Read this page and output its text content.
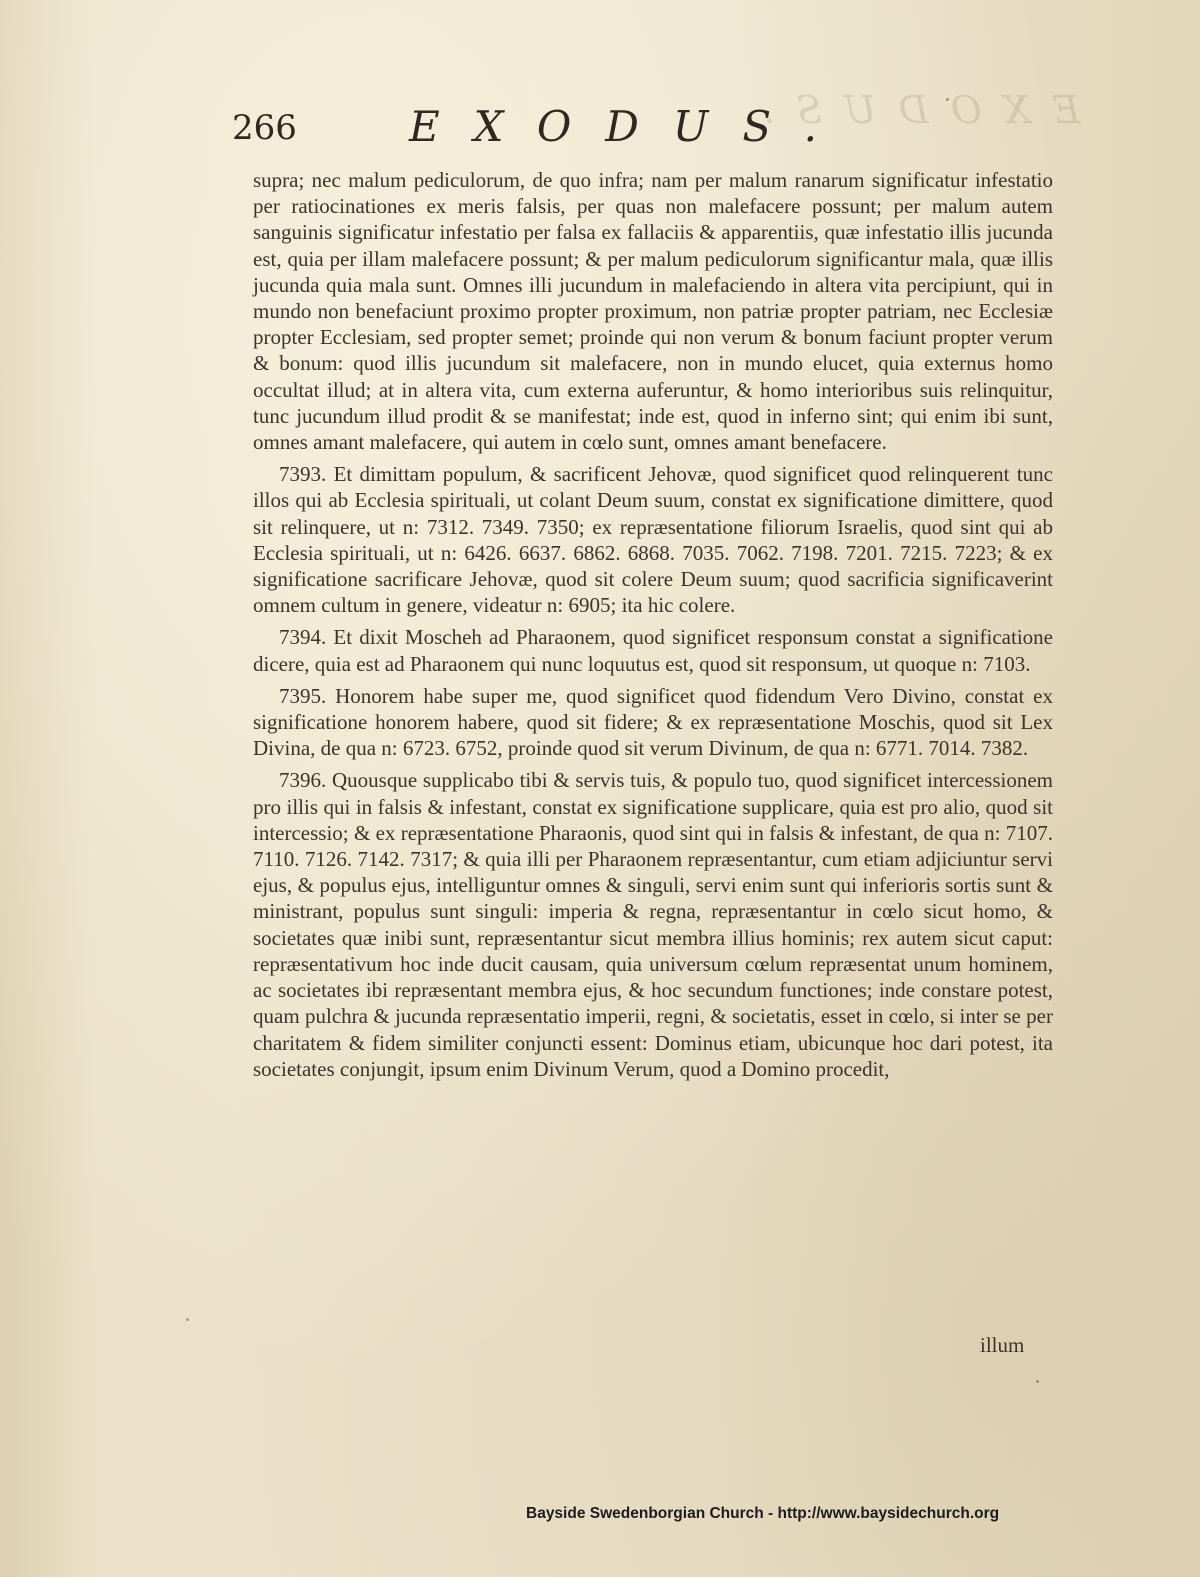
EXODUS.
266	EXODUS.

supra; nec malum pediculorum, de quo infra; nam per malum ranarum significatur infestatio per ratiocinationes ex meris falsis, per quas non malefacere possunt; per malum autem sanguinis significatur infestatio per falsa ex fallaciis & apparentiis, quæ infestatio illis jucunda est, quia per illam malefacere possunt; & per malum pediculorum significantur mala, quæ illis jucunda quia mala sunt. Omnes illi jucundum in malefaciendo in altera vita percipiunt, qui in mundo non benefaciunt proximo propter proximum, non patriæ propter patriam, nec Ecclesiæ propter Ecclesiam, sed propter semet; proinde qui non verum & bonum faciunt propter verum & bonum: quod illis jucundum sit malefacere, non in mundo elucet, quia externus homo occultat illud; at in altera vita, cum externa auferuntur, & homo interioribus suis relinquitur, tunc jucundum illud prodit & se manifestat; inde est, quod in inferno sint; qui enim ibi sunt, omnes amant malefacere, qui autem in cœlo sunt, omnes amant benefacere.

7393. Et dimittam populum, & sacrificent Jehovæ, quod significet quod relinquerent tunc illos qui ab Ecclesia spirituali, ut colant Deum suum, constat ex significatione dimittere, quod sit relinquere, ut n: 7312. 7349. 7350; ex repræsentatione filiorum Israelis, quod sint qui ab Ecclesia spirituali, ut n: 6426. 6637. 6862. 6868. 7035. 7062. 7198. 7201. 7215. 7223; & ex significatione sacrificare Jehovæ, quod sit colere Deum suum; quod sacrificia significaverint omnem cultum in genere, videatur n: 6905; ita hic colere.

7394. Et dixit Moscheh ad Pharaonem, quod significet responsum constat a significatione dicere, quia est ad Pharaonem qui nunc loquutus est, quod sit responsum, ut quoque n: 7103.

7395. Honorem habe super me, quod significet quod fidendum Vero Divino, constat ex significatione honorem habere, quod sit fidere; & ex repræsentatione Moschis, quod sit Lex Divina, de qua n: 6723. 6752, proinde quod sit verum Divinum, de qua n: 6771. 7014. 7382.

7396. Quousque supplicabo tibi & servis tuis, & populo tuo, quod significet intercessionem pro illis qui in falsis & infestant, constat ex significatione supplicare, quia est pro alio, quod sit intercessio; & ex repræsentatione Pharaonis, quod sint qui in falsis & infestant, de qua n: 7107. 7110. 7126. 7142. 7317; & quia illi per Pharaonem repræsentantur, cum etiam adjiciuntur servi ejus, & populus ejus, intelliguntur omnes & singuli, servi enim sunt qui inferioris sortis sunt & ministrant, populus sunt singuli: imperia & regna, repræsentantur in cœlo sicut homo, & societates quæ inibi sunt, repræsentantur sicut membra illius hominis; rex autem sicut caput: repræsentativum hoc inde ducit causam, quia universum cœlum repræsentat unum hominem, ac societates ibi repræsentant membra ejus, & hoc secundum functiones; inde constare potest, quam pulchra & jucunda repræsentatio imperii, regni, & societatis, esset in cœlo, si inter se per charitatem & fidem similiter conjuncti essent: Dominus etiam, ubicunque hoc dari potest, ita societates conjungit, ipsum enim Divinum Verum, quod a Domino procedit,

illum
Bayside Swedenborgian Church - http://www.baysidechurch.org
